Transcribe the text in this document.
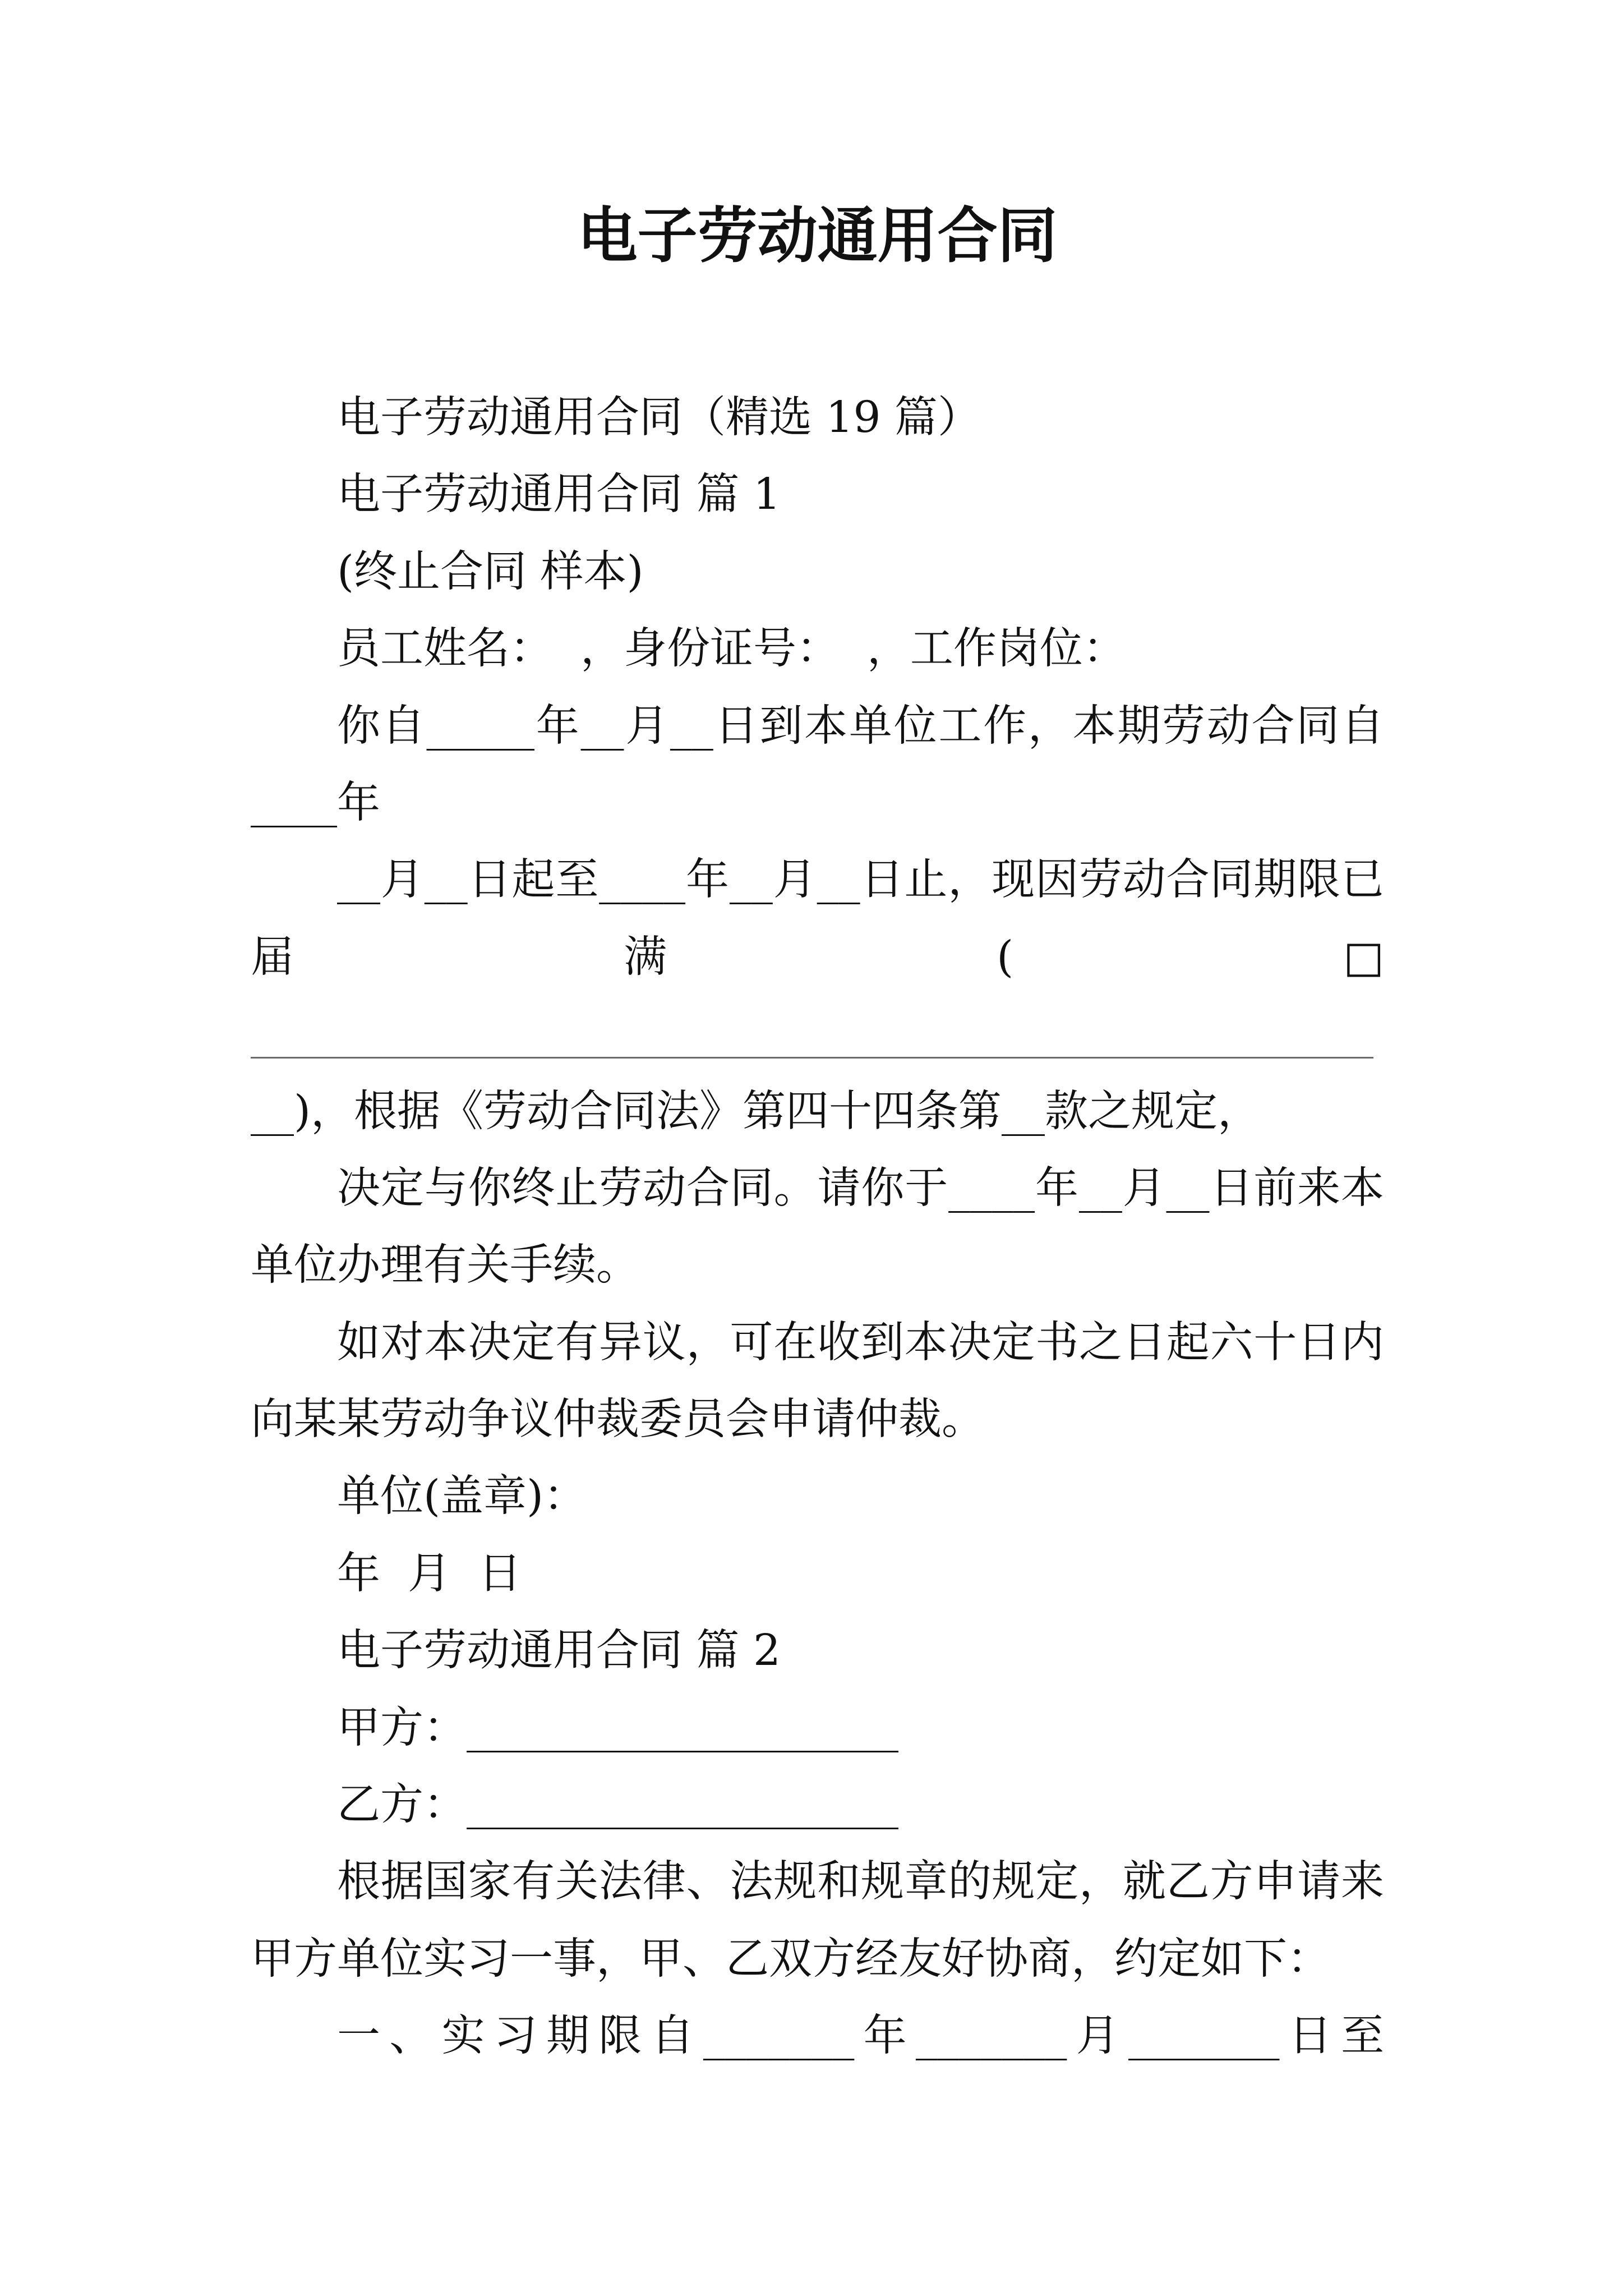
电子劳动通用合同
电子劳动通用合同（精选 19 篇）
电子劳动通用合同 篇 1
(终止合同 样本)
员工姓名：  ，身份证号：  ，工作岗位：
你自_____年__月__日到本单位工作，本期劳动合同自
____年
__月__日起至____年__月__日止，现因劳动合同期限已
届	满	(	□
____________________________________________________
__)，根据《劳动合同法》第四十四条第__款之规定，
决定与你终止劳动合同。请你于____年__月__日前来本
单位办理有关手续。
如对本决定有异议，可在收到本决定书之日起六十日内
向某某劳动争议仲裁委员会申请仲裁。
单位(盖章)：
年  月  日
电子劳动通用合同 篇 2
甲方：____________________
乙方：____________________
根据国家有关法律、法规和规章的规定，就乙方申请来
甲方单位实习一事，甲、乙双方经友好协商，约定如下：
一、实习期限自_______年_______月_______日至
